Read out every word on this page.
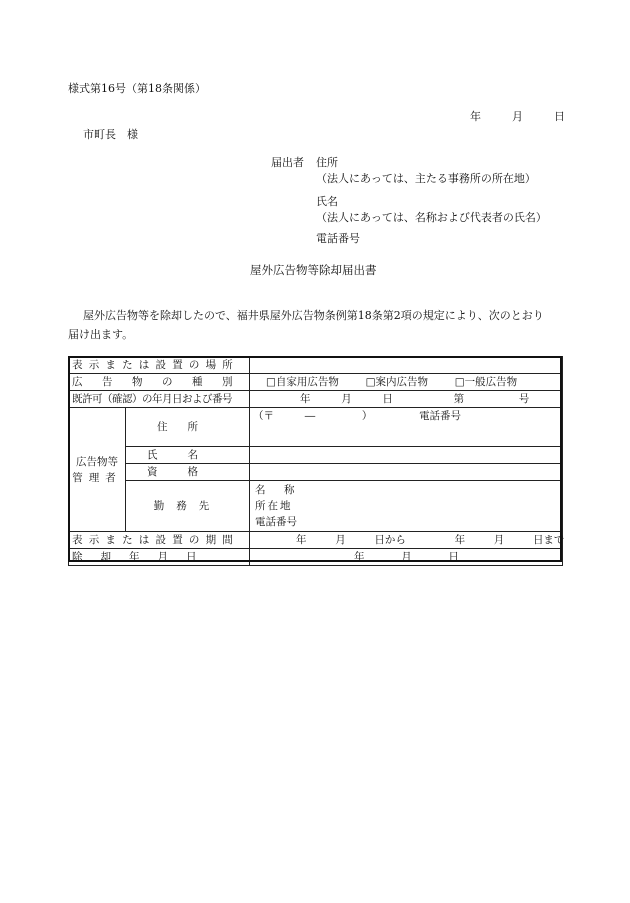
様式第16号（第18条関係）
年	月	日
市町長　様
届出者 住所
（法人にあっては、主たる事務所の所在地）
氏名
（法人にあっては、名称および代表者の氏名）
電話番号
屋外広告物等除却届出書
屋外広告物等を除却したので、福井県屋外広告物条例第18条第2項の規定により、次のとおり
届け出ます。
表示または設置の場所		
広告物の種別		□自家用広告物 □案内広告物 □一般広告物
既許可（確認）の年月日および番号		年 月 日 第 号

広告物等
管理者	住所	（〒 ― ） 電話番号
	氏名	
	資格	
	勤務先	名　称
所在地
電話番号

表示または設置の期間		年 月 日から 年 月 日まで

除却年月日		年 月 日
